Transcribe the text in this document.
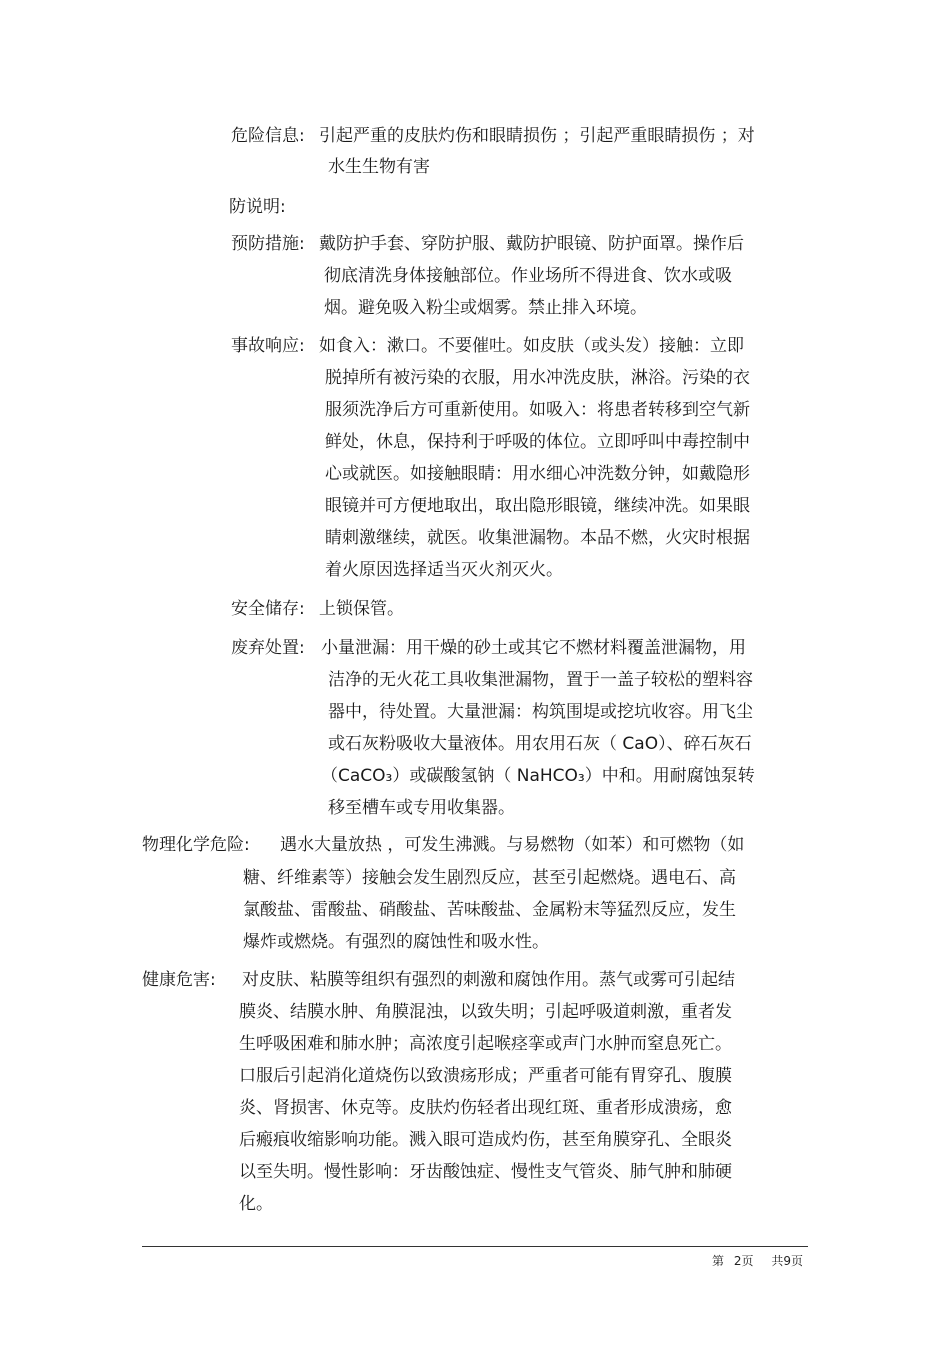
危险信息: 引起严重的皮肤灼伤和眼睛损伤 ；引起严重眼睛损伤 ；对
水生生物有害
防说明:
预防措施: 戴防护手套、穿防护服、戴防护眼镜、防护面罩。操作后
彻底清洗身体接触部位。作业场所不得进食、饮水或吸
烟。避免吸入粉尘或烟雾。禁止排入环境。
事故响应: 如食入：漱口。不要催吐。如皮肤（或头发）接触：立即
脱掉所有被污染的衣服，用水冲洗皮肤，淋浴。污染的衣
服须洗净后方可重新使用。如吸入：将患者转移到空气新
鲜处，休息，保持利于呼吸的体位。立即呼叫中毒控制中
心或就医。如接触眼睛：用水细心冲洗数分钟，如戴隐形
眼镜并可方便地取出，取出隐形眼镜，继续冲洗。如果眼
睛刺激继续，就医。收集泄漏物。本品不燃，火灾时根据
着火原因选择适当灭火剂灭火。
安全储存: 上锁保管。
废弃处置: 小量泄漏：用干燥的砂土或其它不燃材料覆盖泄漏物，用
洁净的无火花工具收集泄漏物，置于一盖子较松的塑料容
器中，待处置。大量泄漏：构筑围堤或挖坑收容。用飞尘
或石灰粉吸收大量液体。用农用石灰（ CaO）、碎石灰石
（CaCO₃）或碳酸氢钠（ NaHCO₃）中和。用耐腐蚀泵转
移至槽车或专用收集器。
物理化学危险: 遇水大量放热 ，可发生沸溅。与易燃物（如苯）和可燃物（如
糖、纤维素等）接触会发生剧烈反应，甚至引起燃烧。遇电石、高
氯酸盐、雷酸盐、硝酸盐、苦味酸盐、金属粉末等猛烈反应，发生
爆炸或燃烧。有强烈的腐蚀性和吸水性。
健康危害: 对皮肤、粘膜等组织有强烈的刺激和腐蚀作用。蒸气或雾可引起结
膜炎、结膜水肿、角膜混浊，以致失明；引起呼吸道刺激，重者发
生呼吸困难和肺水肿；高浓度引起喉痉挛或声门水肿而窒息死亡。
口服后引起消化道烧伤以致溃疡形成；严重者可能有胃穿孔、腹膜
炎、肾损害、休克等。皮肤灼伤轻者出现红斑、重者形成溃疡，愈
后瘢痕收缩影响功能。溅入眼可造成灼伤，甚至角膜穿孔、全眼炎
以至失明。慢性影响：牙齿酸蚀症、慢性支气管炎、肺气肿和肺硬
化。
第 2页 共9页
